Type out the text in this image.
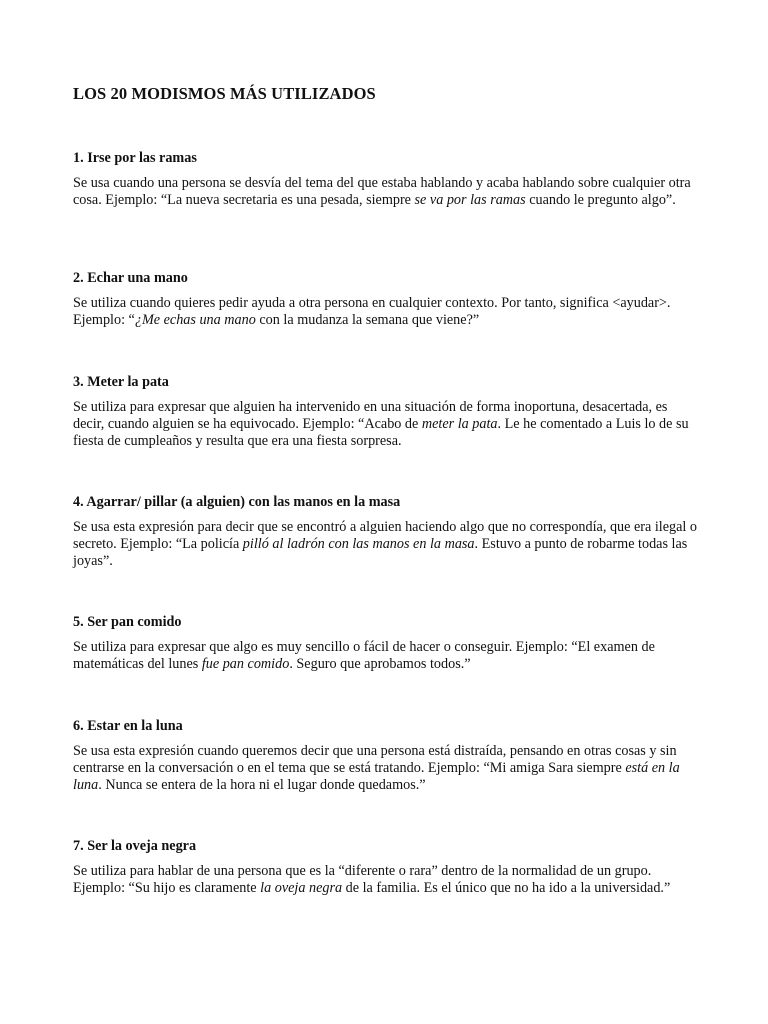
LOS 20 MODISMOS MÁS UTILIZADOS
1. Irse por las ramas

Se usa cuando una persona se desvía del tema del que estaba hablando y acaba hablando sobre cualquier otra cosa. Ejemplo: “La nueva secretaria es una pesada, siempre se va por las ramas cuando le pregunto algo”.

2. Echar una mano

Se utiliza cuando quieres pedir ayuda a otra persona en cualquier contexto. Por tanto, significa <ayudar>. Ejemplo: “¿Me echas una mano con la mudanza la semana que viene?”

3. Meter la pata

Se utiliza para expresar que alguien ha intervenido en una situación de forma inoportuna, desacertada, es decir, cuando alguien se ha equivocado. Ejemplo: “Acabo de meter la pata. Le he comentado a Luis lo de su fiesta de cumpleaños y resulta que era una fiesta sorpresa.

4. Agarrar/ pillar (a alguien) con las manos en la masa

Se usa esta expresión para decir que se encontró a alguien haciendo algo que no correspondía, que era ilegal o secreto. Ejemplo: “La policía pilló al ladrón con las manos en la masa. Estuvo a punto de robarme todas las joyas”.

5. Ser pan comido

Se utiliza para expresar que algo es muy sencillo o fácil de hacer o conseguir. Ejemplo: “El examen de matemáticas del lunes fue pan comido. Seguro que aprobamos todos.”

6. Estar en la luna

Se usa esta expresión cuando queremos decir que una persona está distraída, pensando en otras cosas y sin centrarse en la conversación o en el tema que se está tratando. Ejemplo: “Mi amiga Sara siempre está en la luna. Nunca se entera de la hora ni el lugar donde quedamos.”

7. Ser la oveja negra

Se utiliza para hablar de una persona que es la “diferente o rara” dentro de la normalidad de un grupo. Ejemplo: “Su hijo es claramente la oveja negra de la familia. Es el único que no ha ido a la universidad.”
